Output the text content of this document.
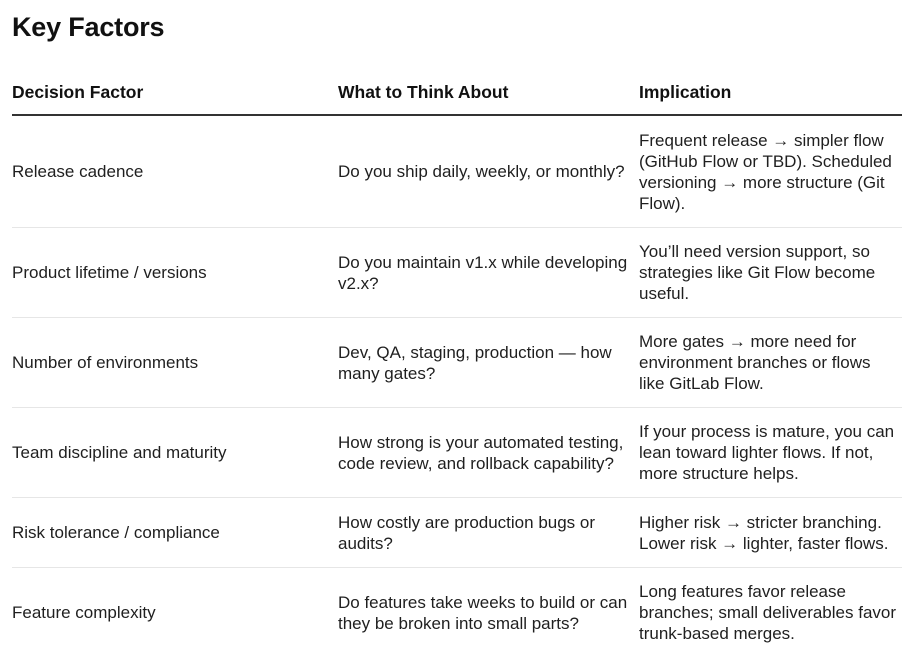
Key Factors
Decision Factor	What to Think About	Implication
Release cadence	Do you ship daily, weekly, or monthly?	Frequent release → simpler flow (GitHub Flow or TBD). Scheduled versioning → more structure (Git Flow).
Product lifetime / versions	Do you maintain v1.x while developing v2.x?	You’ll need version support, so strategies like Git Flow become useful.
Number of environments	Dev, QA, staging, production — how many gates?	More gates → more need for environment branches or flows like GitLab Flow.
Team discipline and maturity	How strong is your automated testing, code review, and rollback capability?	If your process is mature, you can lean toward lighter flows. If not, more structure helps.
Risk tolerance / compliance	How costly are production bugs or audits?	Higher risk → stricter branching. Lower risk → lighter, faster flows.
Feature complexity	Do features take weeks to build or can they be broken into small parts?	Long features favor release branches; small deliverables favor trunk-based merges.
